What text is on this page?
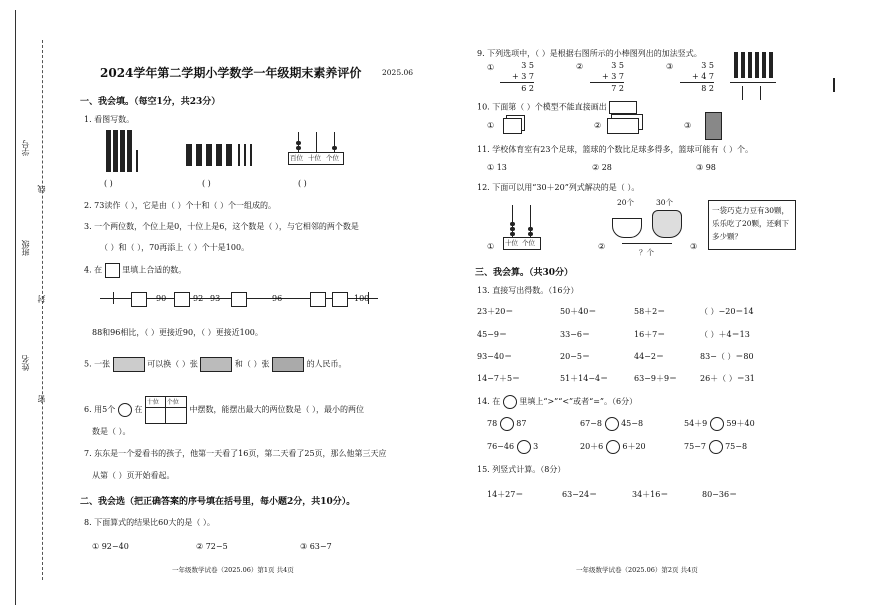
学号
班级
姓名
线
封
密
2024学年第二学期小学数学一年级期末素养评价	2025.06
一、我会填。（每空1分，共23分）
1. 看图写数。
百位 十位 个位
( )	( )	( )
2. 73读作（ ），它是由（ ）个十和（ ）个一组成的。
3. 一个两位数，个位上是0，十位上是6，这个数是（ ），与它相邻的两个数是
（ ）和（ ），70再添上（ ）个十是100。
4. 在	里填上合适的数。
90	92 93	96	100
88和96相比，（ ）更接近90，（ ）更接近100。
5. 一张	可以换（ ）张	和（ ）张	的人民币。
6. 用5个 在
十位 个位
中摆数，能摆出最大的两位数是（ ），最小的两位
数是（ ）。
7. 东东是一个爱看书的孩子，他第一天看了16页，第二天看了25页，那么他第三天应
从第（ ）页开始看起。
二、我会选（把正确答案的序号填在括号里，每小题2分，共10分）。
8. 下面算式的结果比60大的是（ ）。
① 92−40	② 72−5	③ 63−7
一年级数学试卷（2025.06）第1页 共4页
9. 下列选项中，（ ）是根据右图所示的小棒图列出的加法竖式。
①	3 5
+ 3 7
6 2
②	3 5
+ 3 7
7 2
③	3 5
+ 4 7
8 2
10. 下面第（ ）个模型不能直接画出
①	②	③
11. 学校体育室有23个足球，篮球的个数比足球多得多，篮球可能有（ ）个。
① 13	② 28	③ 98
12. 下面可以用“30＋20”列式解决的是（ ）。
① 十位 个位	②
20个	30个
？个
③
一袋巧克力豆有30颗，乐乐吃了20颗，还剩下多少颗？
三、我会算。（共30分）
13. 直接写出得数。（16分）
23＋20＝	50＋40＝	58＋2＝	（ ）−20＝14
45−9＝	33−6＝	16＋7＝	（ ）＋4＝13
93−40＝	20−5＝	44−2＝	83−（ ）＝80
14−7＋5＝	51＋14−4＝	63−9＋9＝	26＋（ ）＝31
14. 在 里填上“>”“<”或者“=”。（6分）
78 87	67−8 45−8	54＋9 59＋40
76−46 3	20＋6 6＋20	75−7 75−8
15. 列竖式计算。（8分）
14＋27＝	63−24＝	34＋16＝	80−36＝
一年级数学试卷（2025.06）第2页 共4页
